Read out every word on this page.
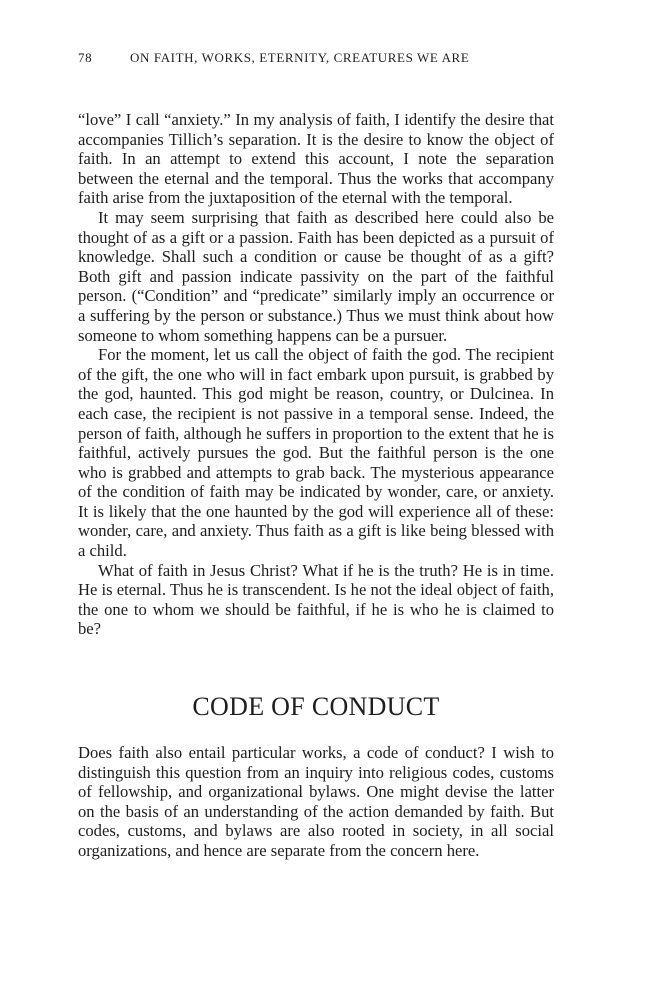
78	ON FAITH, WORKS, ETERNITY, CREATURES WE ARE

“love” I call “anxiety.” In my analysis of faith, I identify the desire that accompanies Tillich’s separation. It is the desire to know the object of faith. In an attempt to extend this account, I note the separation between the eternal and the temporal. Thus the works that accompany faith arise from the juxtaposition of the eternal with the temporal.

It may seem surprising that faith as described here could also be thought of as a gift or a passion. Faith has been depicted as a pursuit of knowledge. Shall such a condition or cause be thought of as a gift? Both gift and passion indicate passivity on the part of the faithful person. (“Condition” and “predicate” similarly imply an occurrence or a suffering by the person or substance.) Thus we must think about how someone to whom something happens can be a pursuer.

For the moment, let us call the object of faith the god. The recipient of the gift, the one who will in fact embark upon pursuit, is grabbed by the god, haunted. This god might be reason, country, or Dulcinea. In each case, the recipient is not passive in a temporal sense. Indeed, the person of faith, although he suffers in proportion to the extent that he is faithful, actively pursues the god. But the faithful person is the one who is grabbed and attempts to grab back. The mysterious appearance of the condition of faith may be indicated by wonder, care, or anxiety. It is likely that the one haunted by the god will experience all of these: wonder, care, and anxiety. Thus faith as a gift is like being blessed with a child.

What of faith in Jesus Christ? What if he is the truth? He is in time. He is eternal. Thus he is transcendent. Is he not the ideal object of faith, the one to whom we should be faithful, if he is who he is claimed to be?

CODE OF CONDUCT

Does faith also entail particular works, a code of conduct? I wish to distinguish this question from an inquiry into religious codes, customs of fellowship, and organizational bylaws. One might devise the latter on the basis of an understanding of the action demanded by faith. But codes, customs, and bylaws are also rooted in society, in all social organizations, and hence are separate from the concern here.
